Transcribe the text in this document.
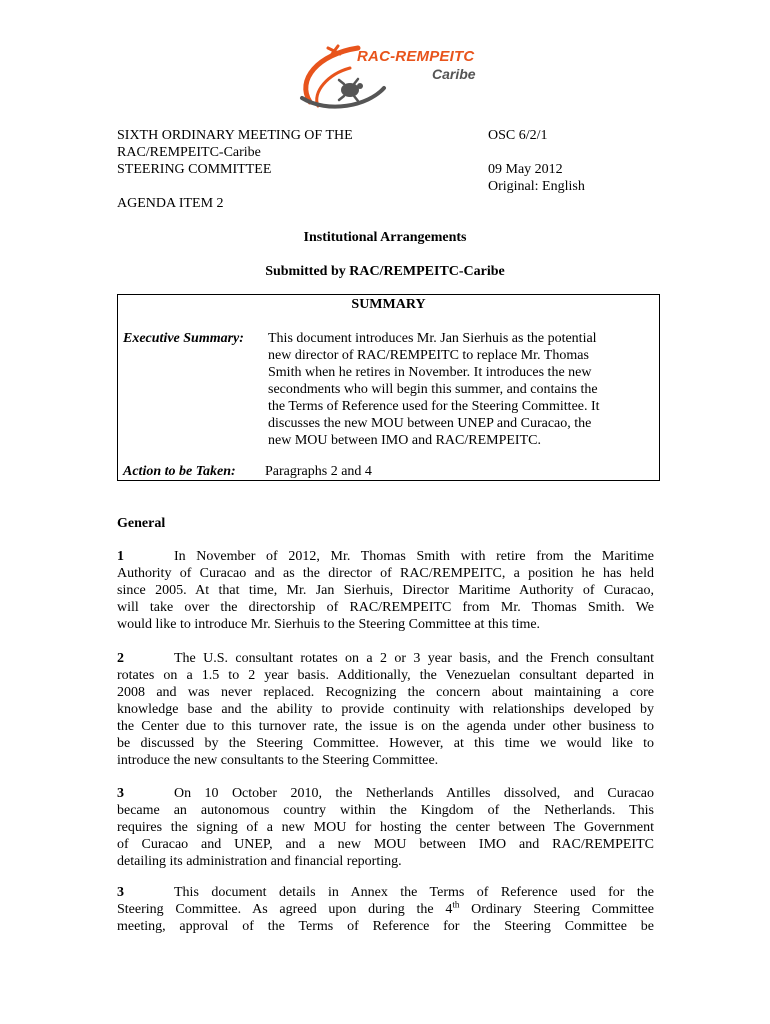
RAC-REMPEITC
Caribe
SIXTH ORDINARY MEETING OF THE
RAC/REMPEITC-Caribe
STEERING COMMITTEE
OSC 6/2/1
09 May 2012
Original: English
AGENDA ITEM 2
Institutional Arrangements
Submitted by RAC/REMPEITC-Caribe
SUMMARY
Executive Summary: This document introduces Mr. Jan Sierhuis as the potential
new director of RAC/REMPEITC to replace Mr. Thomas
Smith when he retires in November. It introduces the new
secondments who will begin this summer, and contains the
the Terms of Reference used for the Steering Committee. It
discusses the new MOU between UNEP and Curacao, the
new MOU between IMO and RAC/REMPEITC.
Action to be Taken: Paragraphs 2 and 4
General
1	In November of 2012, Mr. Thomas Smith with retire from the Maritime
Authority of Curacao and as the director of RAC/REMPEITC, a position he has held
since 2005. At that time, Mr. Jan Sierhuis, Director Maritime Authority of Curacao,
will take over the directorship of RAC/REMPEITC from Mr. Thomas Smith. We
would like to introduce Mr. Sierhuis to the Steering Committee at this time.
2	The U.S. consultant rotates on a 2 or 3 year basis, and the French consultant
rotates on a 1.5 to 2 year basis. Additionally, the Venezuelan consultant departed in
2008 and was never replaced. Recognizing the concern about maintaining a core
knowledge base and the ability to provide continuity with relationships developed by
the Center due to this turnover rate, the issue is on the agenda under other business to
be discussed by the Steering Committee. However, at this time we would like to
introduce the new consultants to the Steering Committee.
3	On 10 October 2010, the Netherlands Antilles dissolved, and Curacao
became an autonomous country within the Kingdom of the Netherlands. This
requires the signing of a new MOU for hosting the center between The Government
of Curacao and UNEP, and a new MOU between IMO and RAC/REMPEITC
detailing its administration and financial reporting.
3	This document details in Annex the Terms of Reference used for the
Steering Committee. As agreed upon during the 4th Ordinary Steering Committee
meeting, approval of the Terms of Reference for the Steering Committee be
